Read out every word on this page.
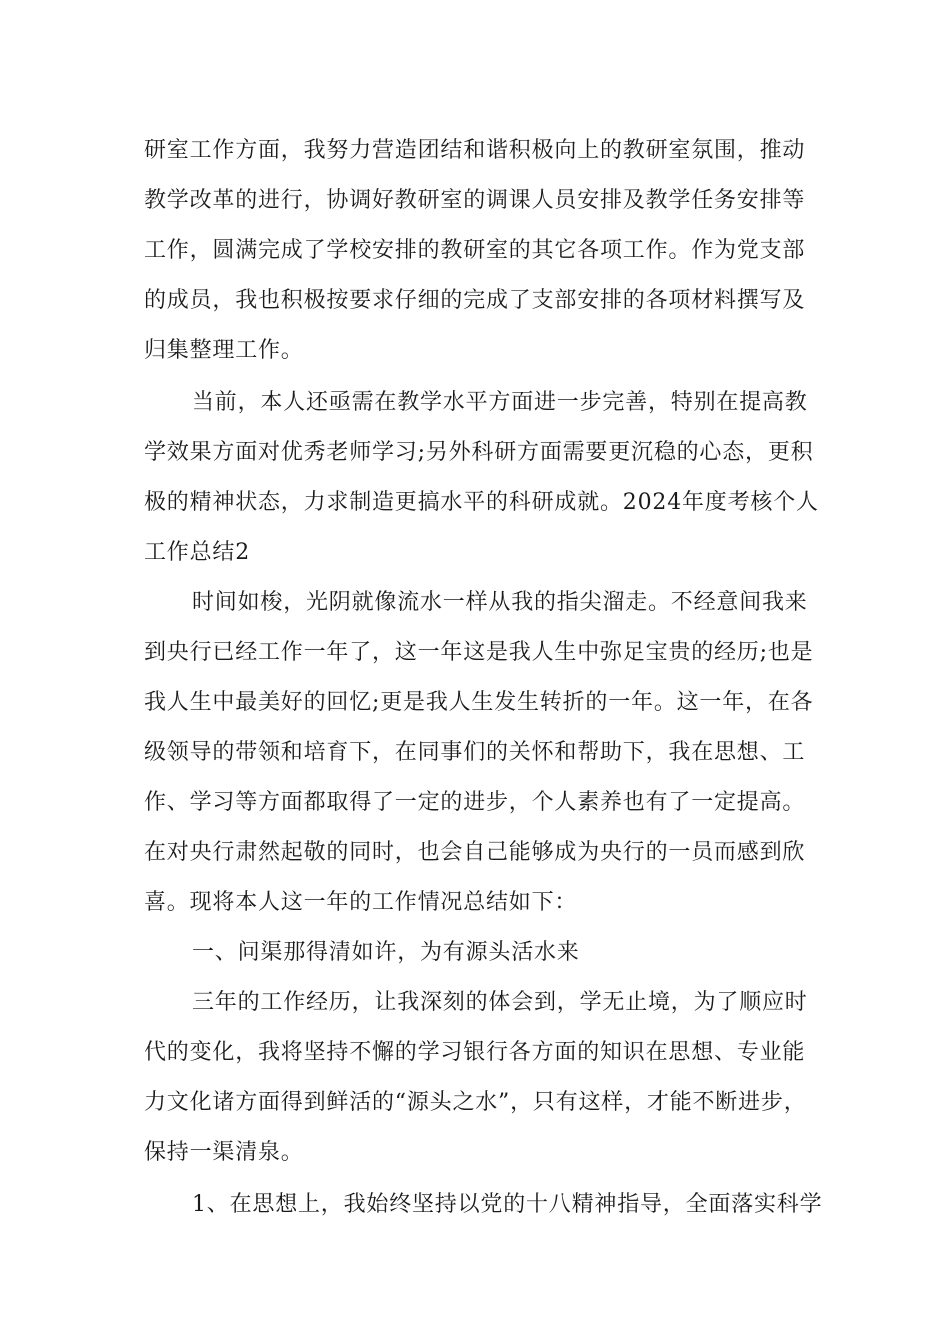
研室工作方面，我努力营造团结和谐积极向上的教研室氛围，推动
教学改革的进行，协调好教研室的调课人员安排及教学任务安排等
工作，圆满完成了学校安排的教研室的其它各项工作。作为党支部
的成员，我也积极按要求仔细的完成了支部安排的各项材料撰写及
归集整理工作。
当前，本人还亟需在教学水平方面进一步完善，特别在提高教
学效果方面对优秀老师学习;另外科研方面需要更沉稳的心态，更积
极的精神状态，力求制造更搞水平的科研成就。2024年度考核个人
工作总结2
时间如梭，光阴就像流水一样从我的指尖溜走。不经意间我来
到央行已经工作一年了，这一年这是我人生中弥足宝贵的经历;也是
我人生中最美好的回忆;更是我人生发生转折的一年。这一年，在各
级领导的带领和培育下，在同事们的关怀和帮助下，我在思想、工
作、学习等方面都取得了一定的进步，个人素养也有了一定提高。
在对央行肃然起敬的同时，也会自己能够成为央行的一员而感到欣
喜。现将本人这一年的工作情况总结如下：
一、问渠那得清如许，为有源头活水来
三年的工作经历，让我深刻的体会到，学无止境，为了顺应时
代的变化，我将坚持不懈的学习银行各方面的知识在思想、专业能
力文化诸方面得到鲜活的“源头之水”，只有这样，才能不断进步，
保持一渠清泉。
1、在思想上，我始终坚持以党的十八精神指导，全面落实科学
